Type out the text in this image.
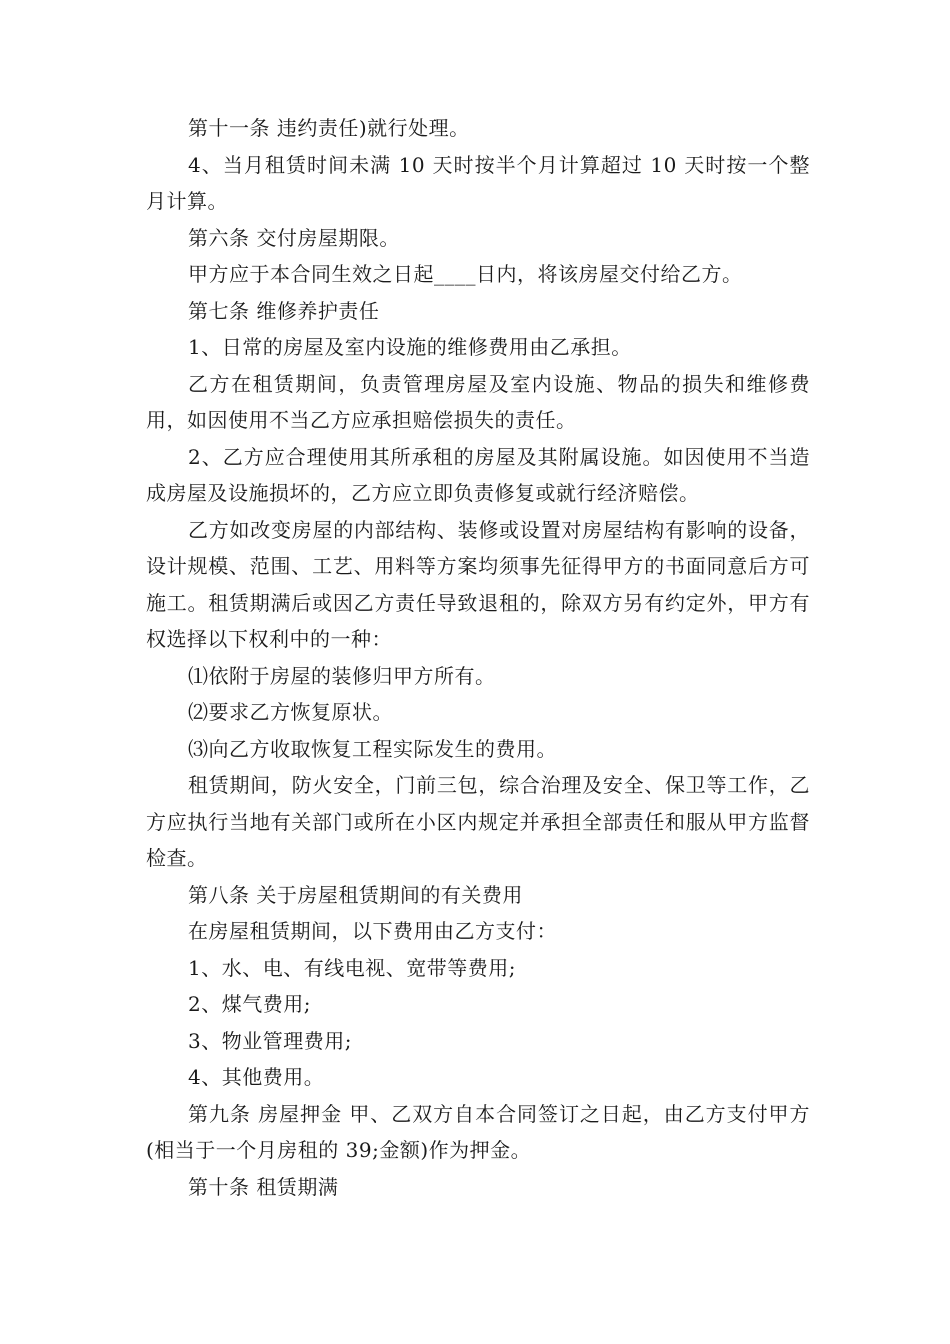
第十一条 违约责任)就行处理。

4、当月租赁时间未满 10 天时按半个月计算超过 10 天时按一个整月计算。

第六条 交付房屋期限。

甲方应于本合同生效之日起____日内，将该房屋交付给乙方。

第七条 维修养护责任

1、日常的房屋及室内设施的维修费用由乙承担。

乙方在租赁期间，负责管理房屋及室内设施、物品的损失和维修费用，如因使用不当乙方应承担赔偿损失的责任。

2、乙方应合理使用其所承租的房屋及其附属设施。如因使用不当造成房屋及设施损坏的，乙方应立即负责修复或就行经济赔偿。

乙方如改变房屋的内部结构、装修或设置对房屋结构有影响的设备，设计规模、范围、工艺、用料等方案均须事先征得甲方的书面同意后方可施工。租赁期满后或因乙方责任导致退租的，除双方另有约定外，甲方有权选择以下权利中的一种：

⑴依附于房屋的装修归甲方所有。

⑵要求乙方恢复原状。

⑶向乙方收取恢复工程实际发生的费用。

租赁期间，防火安全，门前三包，综合治理及安全、保卫等工作，乙方应执行当地有关部门或所在小区内规定并承担全部责任和服从甲方监督检查。

第八条 关于房屋租赁期间的有关费用

在房屋租赁期间，以下费用由乙方支付：

1、水、电、有线电视、宽带等费用;

2、煤气费用;

3、物业管理费用;

4、其他费用。

第九条 房屋押金 甲、乙双方自本合同签订之日起，由乙方支付甲方(相当于一个月房租的 39;金额)作为押金。

第十条 租赁期满
